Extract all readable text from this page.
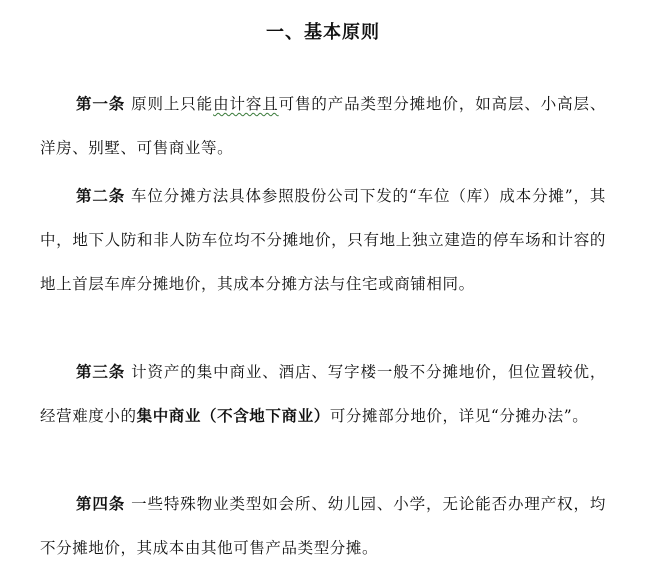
一、基本原则
第一条 原则上只能由计容且可售的产品类型分摊地价，如高层、小高层、洋房、别墅、可售商业等。
第二条 车位分摊方法具体参照股份公司下发的“车位（库）成本分摊”，其中，地下人防和非人防车位均不分摊地价，只有地上独立建造的停车场和计容的地上首层车库分摊地价，其成本分摊方法与住宅或商铺相同。
第三条 计资产的集中商业、酒店、写字楼一般不分摊地价，但位置较优，经营难度小的集中商业（不含地下商业）可分摊部分地价，详见“分摊办法”。
第四条 一些特殊物业类型如会所、幼儿园、小学，无论能否办理产权，均不分摊地价，其成本由其他可售产品类型分摊。
